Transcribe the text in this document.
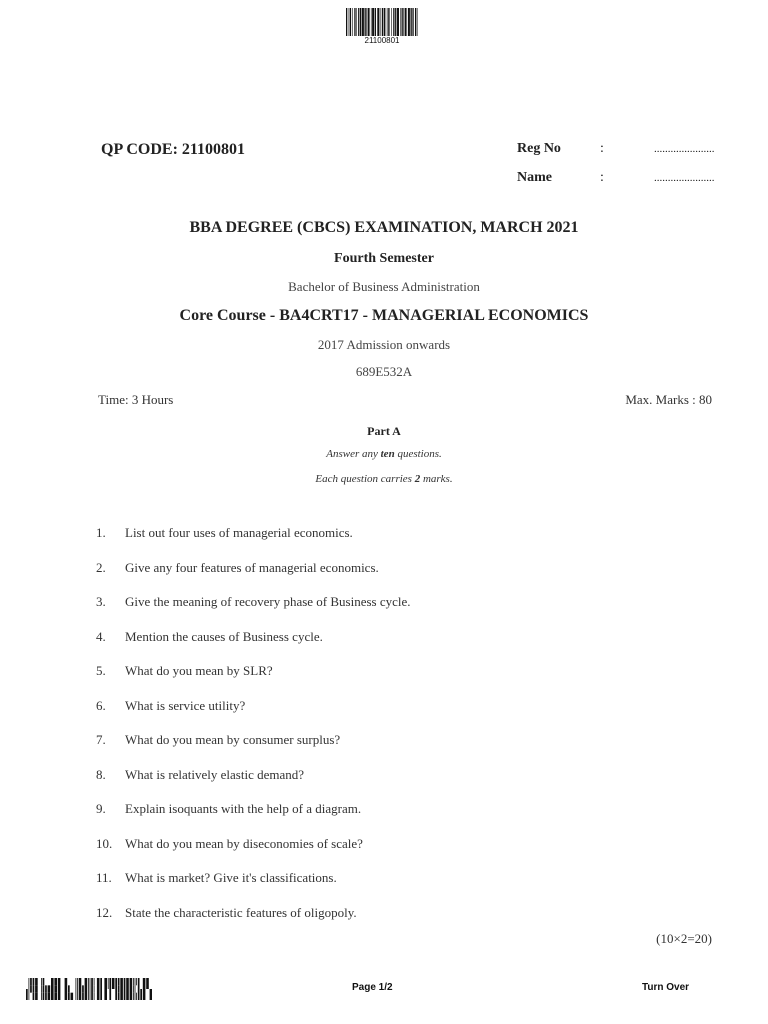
21100801
QP CODE: 21100801	Reg No	:	......................
Name	:	......................
BBA DEGREE (CBCS) EXAMINATION, MARCH 2021
Fourth Semester
Bachelor of Business Administration
Core Course - BA4CRT17 - MANAGERIAL ECONOMICS
2017 Admission onwards
689E532A
Time: 3 Hours	Max. Marks : 80
Part A
Answer any ten questions.
Each question carries 2 marks.
1. List out four uses of managerial economics.
2. Give any four features of managerial economics.
3. Give the meaning of recovery phase of Business cycle.
4. Mention the causes of Business cycle.
5. What do you mean by SLR?
6. What is service utility?
7. What do you mean by consumer surplus?
8. What is relatively elastic demand?
9. Explain isoquants with the help of a diagram.
10. What do you mean by diseconomies of scale?
11. What is market? Give it's classifications.
12. State the characteristic features of oligopoly.
(10×2=20)
Page 1/2	Turn Over
